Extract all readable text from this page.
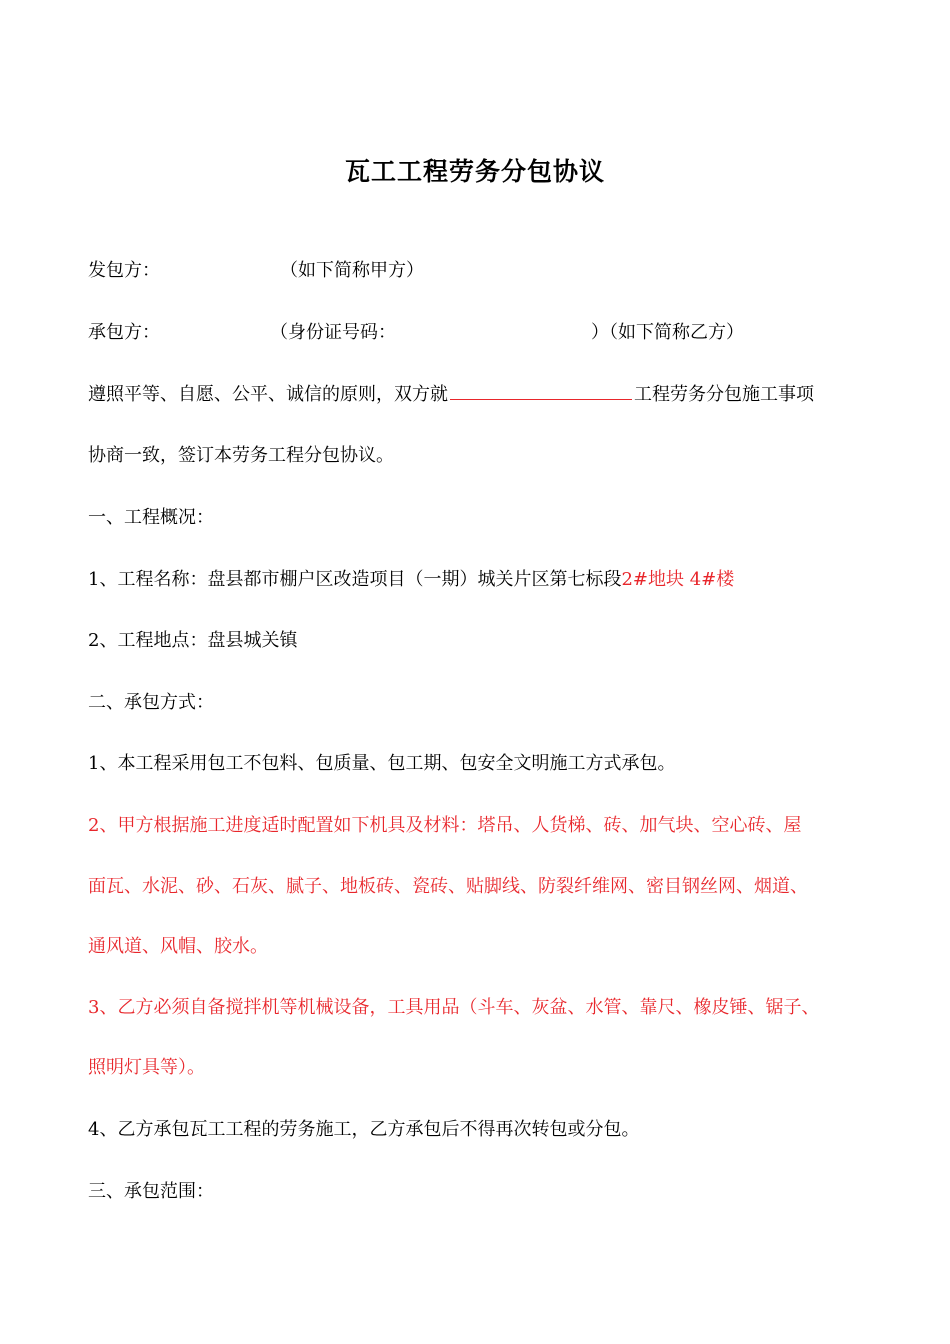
瓦工工程劳务分包协议
发包方：	（如下简称甲方）
承包方：	（身份证号码：	）（如下简称乙方）
遵照平等、自愿、公平、诚信的原则，双方就	工程劳务分包施工事项
协商一致，签订本劳务工程分包协议。
一、工程概况：
1、工程名称：盘县都市棚户区改造项目（一期）城关片区第七标段2#地块 4#楼
2、工程地点：盘县城关镇
二、承包方式：
1、本工程采用包工不包料、包质量、包工期、包安全文明施工方式承包。
2、甲方根据施工进度适时配置如下机具及材料：塔吊、人货梯、砖、加气块、空心砖、屋
面瓦、水泥、砂、石灰、腻子、地板砖、瓷砖、贴脚线、防裂纤维网、密目钢丝网、烟道、
通风道、风帽、胶水。
3、乙方必须自备搅拌机等机械设备，工具用品（斗车、灰盆、水管、靠尺、橡皮锤、锯子、
照明灯具等）。
4、乙方承包瓦工工程的劳务施工，乙方承包后不得再次转包或分包。
三、承包范围：
